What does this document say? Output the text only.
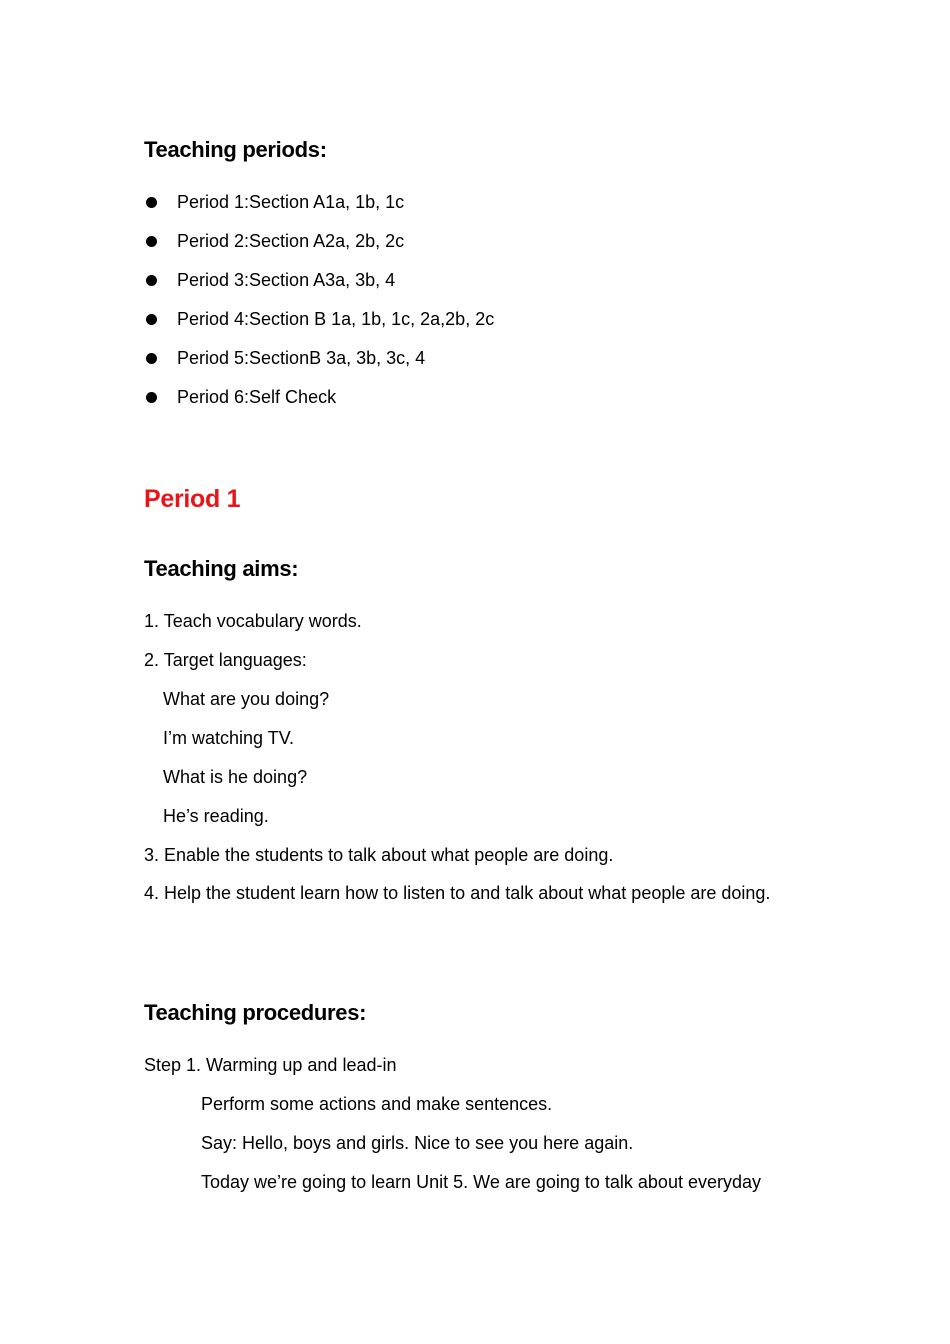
Teaching periods:
Period 1:Section A1a, 1b, 1c
Period 2:Section A2a, 2b, 2c
Period 3:Section A3a, 3b, 4
Period 4:Section B 1a, 1b, 1c, 2a,2b, 2c
Period 5:SectionB 3a, 3b, 3c, 4
Period 6:Self Check
Period 1
Teaching aims:
1. Teach vocabulary words.
2. Target languages:
What are you doing?
I’m watching TV.
What is he doing?
He’s reading.
3. Enable the students to talk about what people are doing.
4. Help the student learn how to listen to and talk about what people are doing.
Teaching procedures:
Step 1. Warming up and lead-in
Perform some actions and make sentences.
Say: Hello, boys and girls. Nice to see you here again.
Today we’re going to learn Unit 5. We are going to talk about everyday
